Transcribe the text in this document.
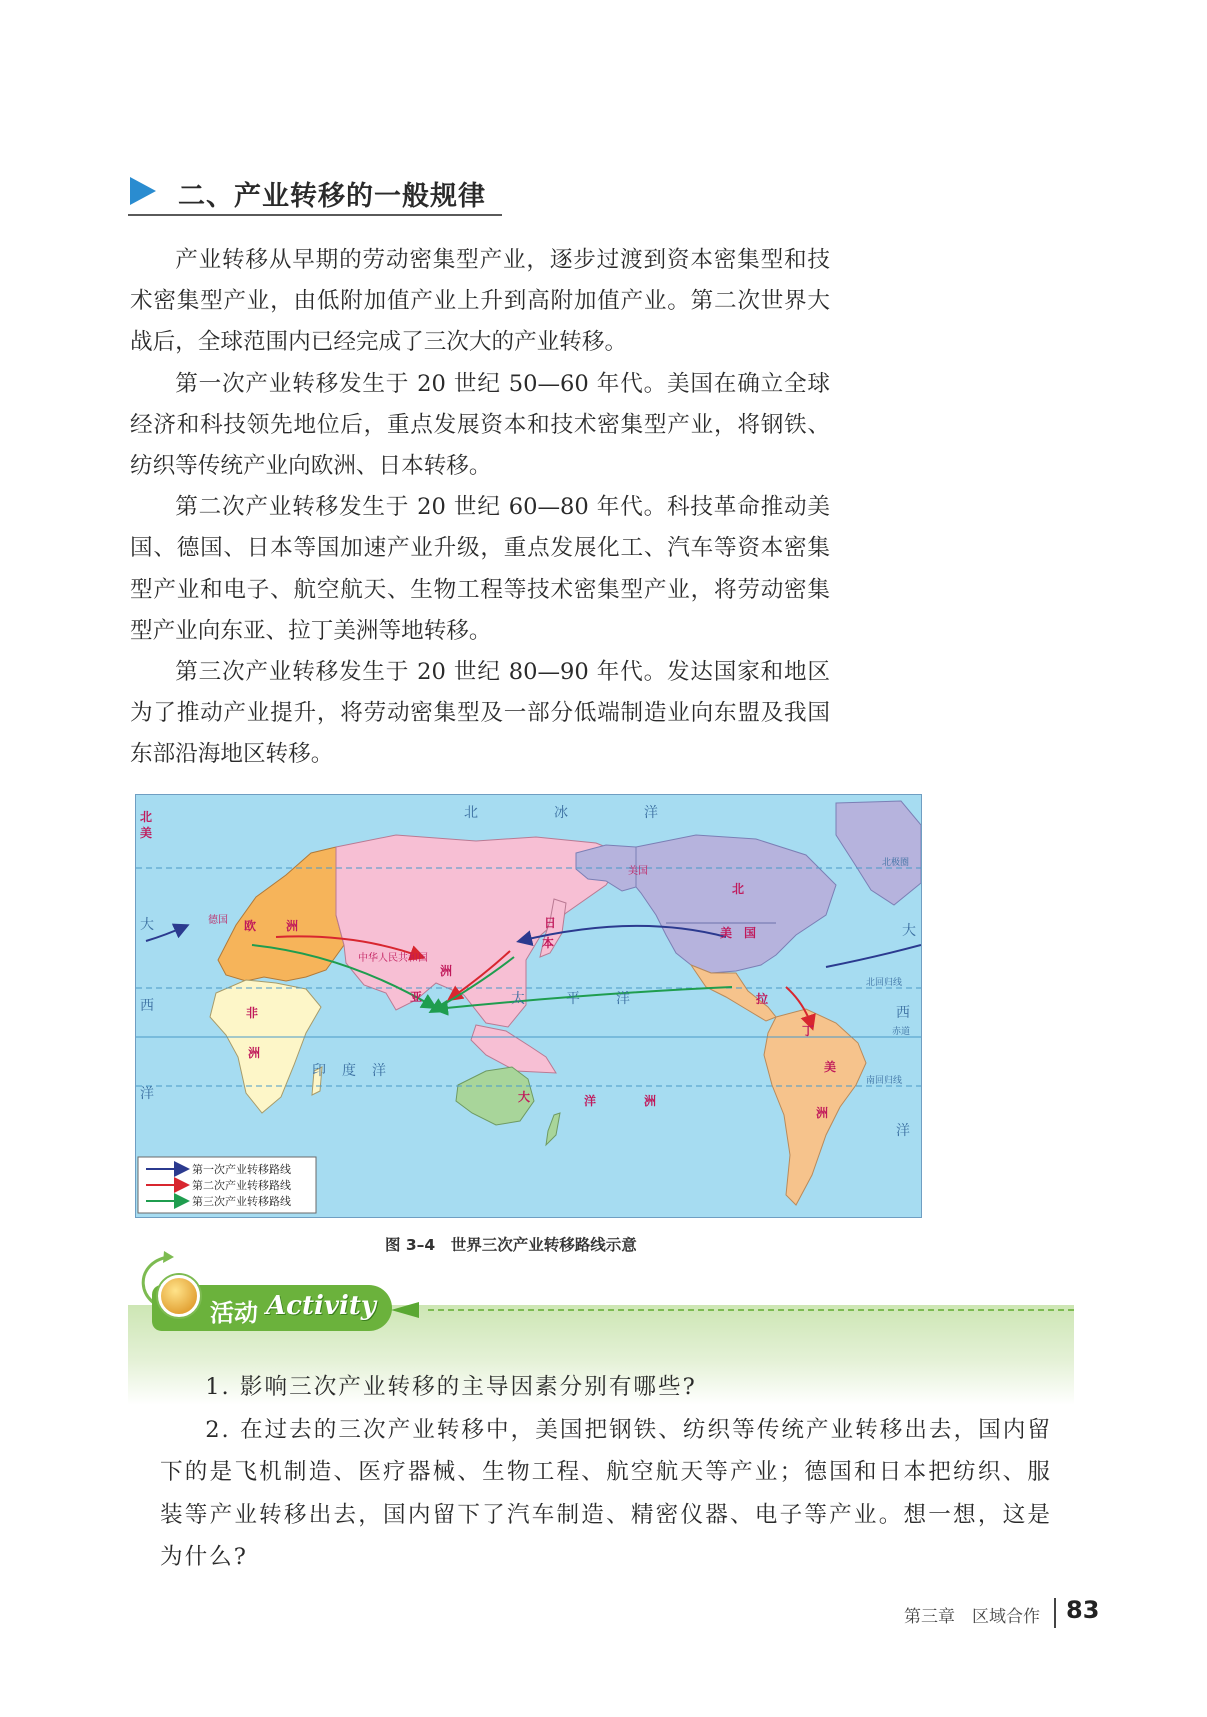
二、产业转移的一般规律

产业转移从早期的劳动密集型产业，逐步过渡到资本密集型和技术密集型产业，由低附加值产业上升到高附加值产业。第二次世界大战后，全球范围内已经完成了三次大的产业转移。

第一次产业转移发生于 20 世纪 50—60 年代。美国在确立全球经济和科技领先地位后，重点发展资本和技术密集型产业，将钢铁、纺织等传统产业向欧洲、日本转移。

第二次产业转移发生于 20 世纪 60—80 年代。科技革命推动美国、德国、日本等国加速产业升级，重点发展化工、汽车等资本密集型产业和电子、航空航天、生物工程等技术密集型产业，将劳动密集型产业向东亚、拉丁美洲等地转移。

第三次产业转移发生于 20 世纪 80—90 年代。发达国家和地区为了推动产业提升，将劳动密集型及一部分低端制造业向东盟及我国东部沿海地区转移。

北	冰	洋
太	平	洋
印 度 洋
大
西
洋
大
西
洋
北极圈
北回归线
赤道
南回归线
北
美
欧 洲
亚
洲
日
本
非
洲
大	洋	洲
北
美　国
拉
丁
美
洲
德国
中华人民共和国
美国
第一次产业转移路线
第二次产业转移路线
第三次产业转移路线
图 3–4　世界三次产业转移路线示意
活动 Activity

1. 影响三次产业转移的主导因素分别有哪些?

2. 在过去的三次产业转移中，美国把钢铁、纺织等传统产业转移出去，国内留下的是飞机制造、医疗器械、生物工程、航空航天等产业；德国和日本把纺织、服装等产业转移出去，国内留下了汽车制造、精密仪器、电子等产业。想一想，这是为什么?

第三章　区域合作 83
